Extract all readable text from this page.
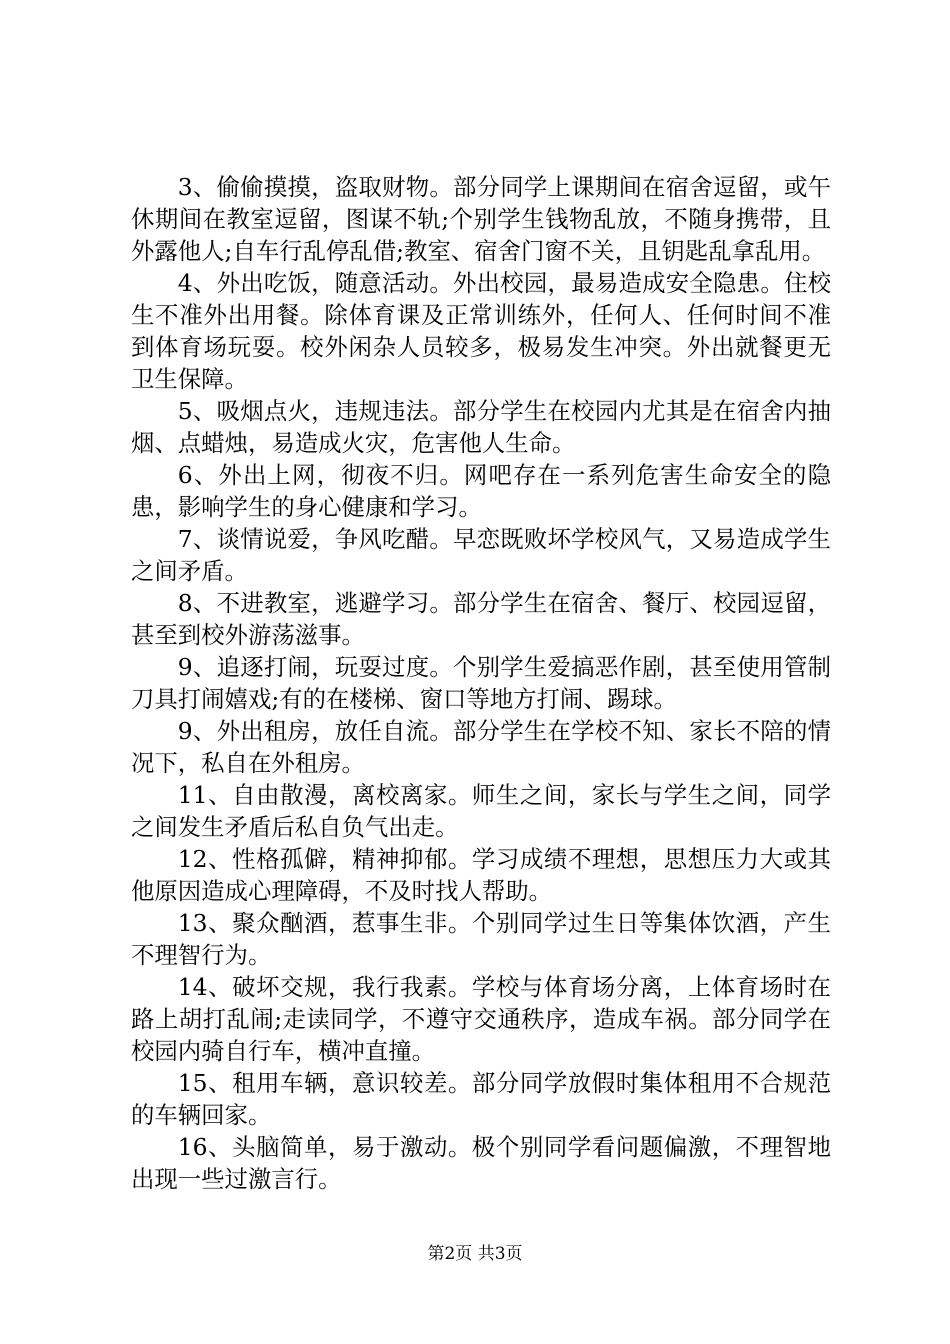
3、偷偷摸摸，盗取财物。部分同学上课期间在宿舍逗留，或午休期间在教室逗留，图谋不轨;个别学生钱物乱放，不随身携带，且外露他人;自车行乱停乱借;教室、宿舍门窗不关，且钥匙乱拿乱用。

4、外出吃饭，随意活动。外出校园，最易造成安全隐患。住校生不准外出用餐。除体育课及正常训练外，任何人、任何时间不准到体育场玩耍。校外闲杂人员较多，极易发生冲突。外出就餐更无卫生保障。

5、吸烟点火，违规违法。部分学生在校园内尤其是在宿舍内抽烟、点蜡烛，易造成火灾，危害他人生命。

6、外出上网，彻夜不归。网吧存在一系列危害生命安全的隐患，影响学生的身心健康和学习。

7、谈情说爱，争风吃醋。早恋既败坏学校风气，又易造成学生之间矛盾。

8、不进教室，逃避学习。部分学生在宿舍、餐厅、校园逗留，甚至到校外游荡滋事。

9、追逐打闹，玩耍过度。个别学生爱搞恶作剧，甚至使用管制刀具打闹嬉戏;有的在楼梯、窗口等地方打闹、踢球。

9、外出租房，放任自流。部分学生在学校不知、家长不陪的情况下，私自在外租房。

11、自由散漫，离校离家。师生之间，家长与学生之间，同学之间发生矛盾后私自负气出走。

12、性格孤僻，精神抑郁。学习成绩不理想，思想压力大或其他原因造成心理障碍，不及时找人帮助。

13、聚众酗酒，惹事生非。个别同学过生日等集体饮酒，产生不理智行为。

14、破坏交规，我行我素。学校与体育场分离，上体育场时在路上胡打乱闹;走读同学，不遵守交通秩序，造成车祸。部分同学在校园内骑自行车，横冲直撞。

15、租用车辆，意识较差。部分同学放假时集体租用不合规范的车辆回家。

16、头脑简单，易于激动。极个别同学看问题偏激，不理智地出现一些过激言行。

第2页 共3页
